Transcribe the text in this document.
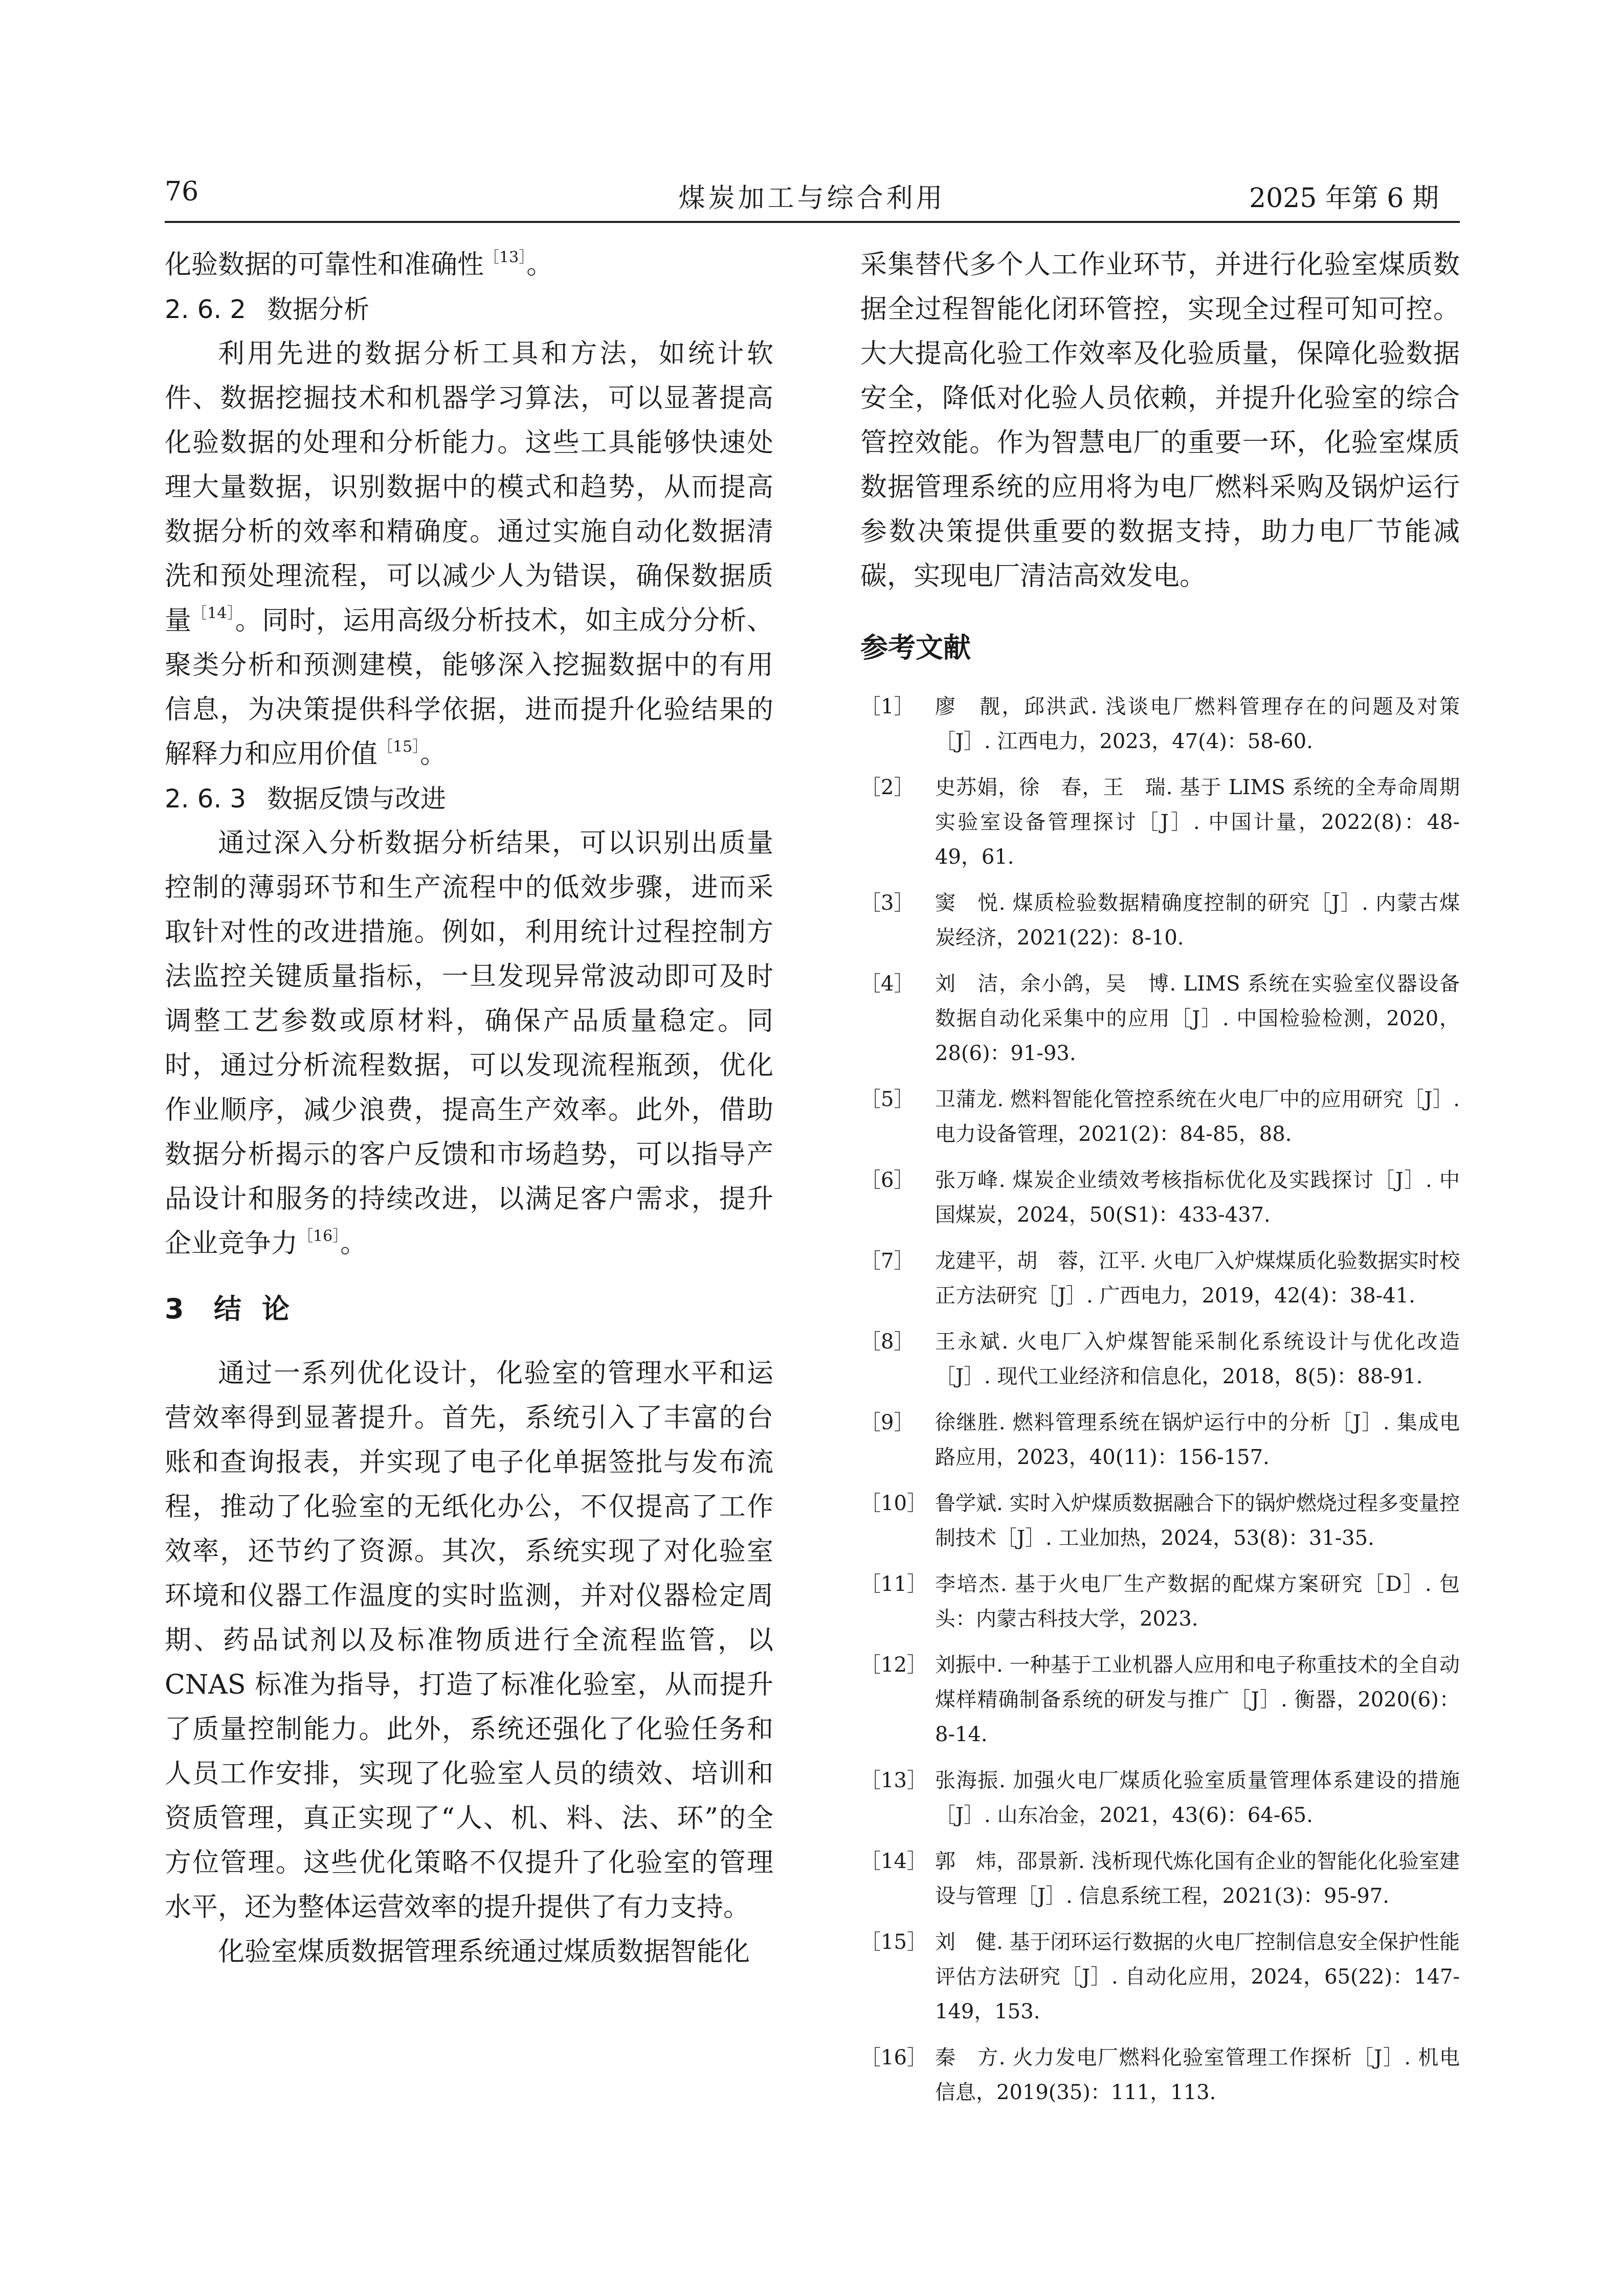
76	煤炭加工与综合利用	2025 年第 6 期

化验数据的可靠性和准确性$^{[13]}$。

2. 6. 2 数据分析

利用先进的数据分析工具和方法，如统计软件、数据挖掘技术和机器学习算法，可以显著提高化验数据的处理和分析能力。这些工具能够快速处理大量数据，识别数据中的模式和趋势，从而提高数据分析的效率和精确度。通过实施自动化数据清洗和预处理流程，可以减少人为错误，确保数据质量$^{[14]}$。同时，运用高级分析技术，如主成分分析、聚类分析和预测建模，能够深入挖掘数据中的有用信息，为决策提供科学依据，进而提升化验结果的解释力和应用价值$^{[15]}$。

2. 6. 3 数据反馈与改进

通过深入分析数据分析结果，可以识别出质量控制的薄弱环节和生产流程中的低效步骤，进而采取针对性的改进措施。例如，利用统计过程控制方法监控关键质量指标，一旦发现异常波动即可及时调整工艺参数或原材料，确保产品质量稳定。同时，通过分析流程数据，可以发现流程瓶颈，优化作业顺序，减少浪费，提高生产效率。此外，借助数据分析揭示的客户反馈和市场趋势，可以指导产品设计和服务的持续改进，以满足客户需求，提升企业竞争力$^{[16]}$。

3 结论

通过一系列优化设计，化验室的管理水平和运营效率得到显著提升。首先，系统引入了丰富的台账和查询报表，并实现了电子化单据签批与发布流程，推动了化验室的无纸化办公，不仅提高了工作效率，还节约了资源。其次，系统实现了对化验室环境和仪器工作温度的实时监测，并对仪器检定周期、药品试剂以及标准物质进行全流程监管，以 CNAS 标准为指导，打造了标准化验室，从而提升了质量控制能力。此外，系统还强化了化验任务和人员工作安排，实现了化验室人员的绩效、培训和资质管理，真正实现了“人、机、料、法、环”的全方位管理。这些优化策略不仅提升了化验室的管理水平，还为整体运营效率的提升提供了有力支持。

化验室煤质数据管理系统通过煤质数据智能化

采集替代多个人工作业环节，并进行化验室煤质数据全过程智能化闭环管控，实现全过程可知可控。大大提高化验工作效率及化验质量，保障化验数据安全，降低对化验人员依赖，并提升化验室的综合管控效能。作为智慧电厂的重要一环，化验室煤质数据管理系统的应用将为电厂燃料采购及锅炉运行参数决策提供重要的数据支持，助力电厂节能减碳，实现电厂清洁高效发电。

参考文献
［1］	廖　靓，邱洪武. 浅谈电厂燃料管理存在的问题及对策［J］. 江西电力，2023，47(4)：58-60.
［2］	史苏娟，徐　春，王　瑞. 基于 LIMS 系统的全寿命周期实验室设备管理探讨［J］. 中国计量，2022(8)：48-49，61.
［3］	窦　悦. 煤质检验数据精确度控制的研究［J］. 内蒙古煤炭经济，2021(22)：8-10.
［4］	刘　洁，余小鸽，吴　博. LIMS 系统在实验室仪器设备数据自动化采集中的应用［J］. 中国检验检测，2020，28(6)：91-93.
［5］	卫蒲龙. 燃料智能化管控系统在火电厂中的应用研究［J］. 电力设备管理，2021(2)：84-85，88.
［6］	张万峰. 煤炭企业绩效考核指标优化及实践探讨［J］. 中国煤炭，2024，50(S1)：433-437.
［7］	龙建平，胡　蓉，江平. 火电厂入炉煤煤质化验数据实时校正方法研究［J］. 广西电力，2019，42(4)：38-41.
［8］	王永斌. 火电厂入炉煤智能采制化系统设计与优化改造［J］. 现代工业经济和信息化，2018，8(5)：88-91.
［9］	徐继胜. 燃料管理系统在锅炉运行中的分析［J］. 集成电路应用，2023，40(11)：156-157.
［10］ 鲁学斌. 实时入炉煤质数据融合下的锅炉燃烧过程多变量控制技术［J］. 工业加热，2024，53(8)：31-35.
［11］ 李培杰. 基于火电厂生产数据的配煤方案研究［D］. 包头：内蒙古科技大学，2023.
［12］ 刘振中. 一种基于工业机器人应用和电子称重技术的全自动煤样精确制备系统的研发与推广［J］. 衡器，2020(6)：8-14.
［13］ 张海振. 加强火电厂煤质化验室质量管理体系建设的措施［J］. 山东冶金，2021，43(6)：64-65.
［14］ 郭　炜，邵景新. 浅析现代炼化国有企业的智能化化验室建设与管理［J］. 信息系统工程，2021(3)：95-97.
［15］ 刘　健. 基于闭环运行数据的火电厂控制信息安全保护性能评估方法研究［J］. 自动化应用，2024，65(22)：147-149，153.
［16］ 秦　方. 火力发电厂燃料化验室管理工作探析［J］. 机电信息，2019(35)：111，113.
